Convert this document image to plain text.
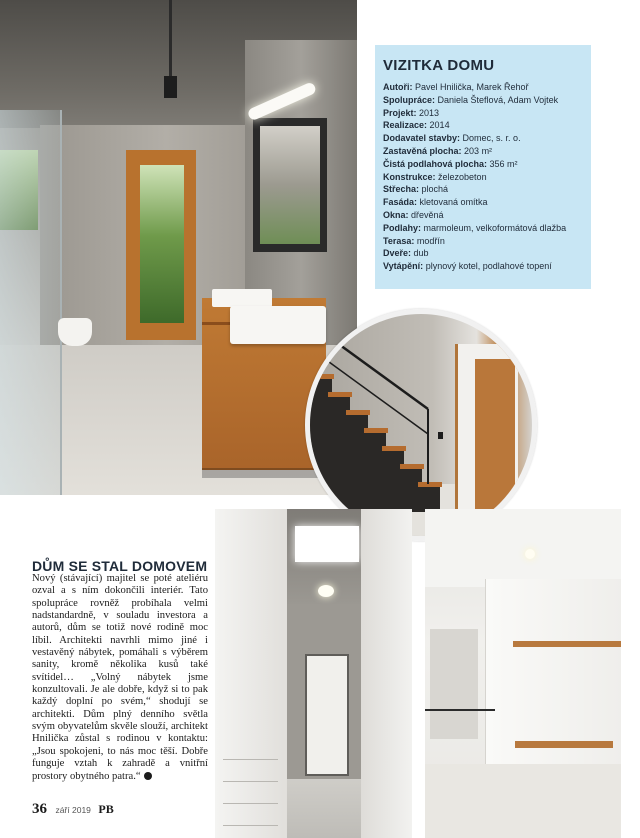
VIZITKA DOMU
Autoři: Pavel Hnilička, Marek Řehoř
Spolupráce: Daniela Šteflová, Adam Vojtek
Projekt: 2013
Realizace: 2014
Dodavatel stavby: Domec, s. r. o.
Zastavěná plocha: 203 m²
Čistá podlahová plocha: 356 m²
Konstrukce: železobeton
Střecha: plochá
Fasáda: kletovaná omítka
Okna: dřevěná
Podlahy: marmoleum, velkoformátová dlažba
Terasa: modřín
Dveře: dub
Vytápění: plynový kotel, podlahové topení
DŮM SE STAL DOMOVEM
Nový (stávající) majitel se poté ateliéru ozval a s ním dokončili interiér. Tato spolupráce rovněž probíhala velmi nadstandardně, v souladu investora a autorů, dům se totiž nové rodině moc líbil. Architekti navrhli mimo jiné i vestavěný nábytek, pomáhali s výběrem sanity, kromě několika kusů také svítidel… „Volný nábytek jsme konzultovali. Je ale dobře, když si to pak každý doplní po svém,“ shodují se architekti. Dům plný denního světla svým obyvatelům skvěle slouží, architekt Hnilička zůstal s rodinou v kontaktu: „Jsou spokojeni, to nás moc těší. Dobře funguje vztah k zahradě a vnitřní prostory obytného patra.“
36 září 2019 PB
